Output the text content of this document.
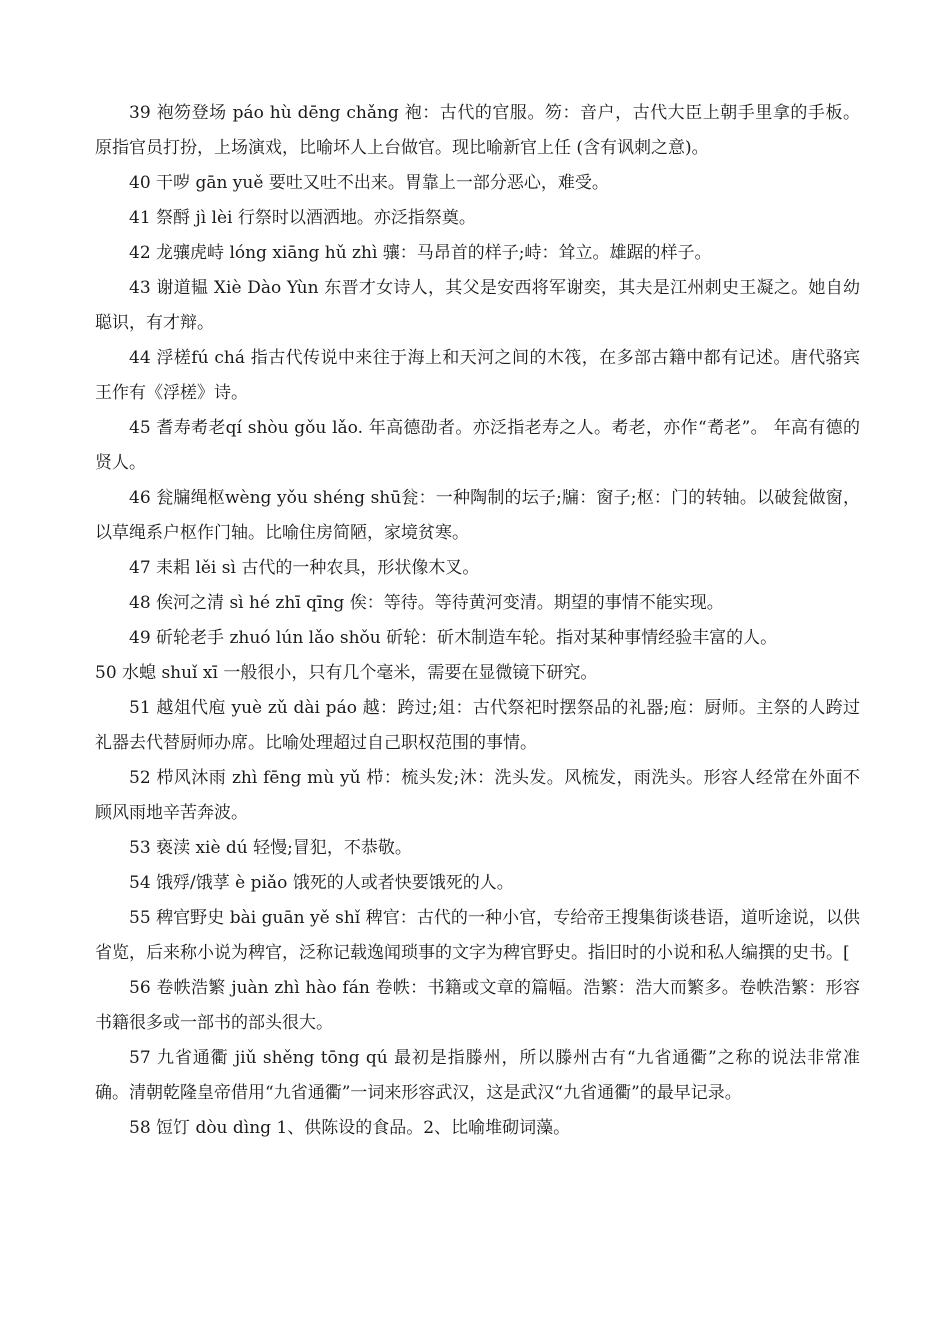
39 袍笏登场 páo hù dēng chǎng 袍：古代的官服。笏：音户，古代大臣上朝手里拿的手板。 原指官员打扮，上场演戏，比喻坏人上台做官。现比喻新官上任 (含有讽刺之意)。

40 干哕 gān yuě 要吐又吐不出来。胃靠上一部分恶心，难受。

41 祭酹 jì lèi 行祭时以酒洒地。亦泛指祭奠。

42 龙骧虎峙 lóng xiāng hǔ zhì 骧：马昂首的样子;峙：耸立。雄踞的样子。

43 谢道韫 Xiè Dào Yùn 东晋才女诗人，其父是安西将军谢奕，其夫是江州刺史王凝之。她自幼聪识，有才辩。

44 浮槎fú chá 指古代传说中来往于海上和天河之间的木筏，在多部古籍中都有记述。唐代骆宾王作有《浮槎》诗。

45 耆寿耇老qí shòu gǒu lǎo. 年高德劭者。亦泛指老寿之人。耇老，亦作“耉老”。 年高有德的贤人。

46 瓮牖绳枢wèng yǒu shéng shū瓮：一种陶制的坛子;牖：窗子;枢：门的转轴。以破瓮做窗，以草绳系户枢作门轴。比喻住房简陋，家境贫寒。

47 耒耜 lěi sì 古代的一种农具，形状像木叉。

48 俟河之清 sì hé zhī qīng 俟：等待。等待黄河变清。期望的事情不能实现。

49 斫轮老手 zhuó lún lǎo shǒu 斫轮：斫木制造车轮。指对某种事情经验丰富的人。

50 水螅 shuǐ xī 一般很小，只有几个毫米，需要在显微镜下研究。

51 越俎代庖 yuè zǔ dài páo 越：跨过;俎：古代祭祀时摆祭品的礼器;庖：厨师。主祭的人跨过礼器去代替厨师办席。比喻处理超过自己职权范围的事情。

52 栉风沐雨 zhì fēng mù yǔ 栉：梳头发;沐：洗头发。风梳发，雨洗头。形容人经常在外面不顾风雨地辛苦奔波。

53 亵渎 xiè dú 轻慢;冒犯，不恭敬。

54 饿殍/饿莩 è piǎo 饿死的人或者快要饿死的人。

55 稗官野史 bài guān yě shǐ 稗官：古代的一种小官，专给帝王搜集街谈巷语，道听途说，以供省览，后来称小说为稗官，泛称记载逸闻琐事的文字为稗官野史。指旧时的小说和私人编撰的史书。[

56 卷帙浩繁 juàn zhì hào fán 卷帙：书籍或文章的篇幅。浩繁：浩大而繁多。卷帙浩繁：形容书籍很多或一部书的部头很大。

57 九省通衢 jiǔ shěng tōng qú 最初是指滕州，所以滕州古有“九省通衢”之称的说法非常准确。清朝乾隆皇帝借用“九省通衢”一词来形容武汉，这是武汉“九省通衢”的最早记录。

58 饾饤 dòu dìng 1、供陈设的食品。2、比喻堆砌词藻。
